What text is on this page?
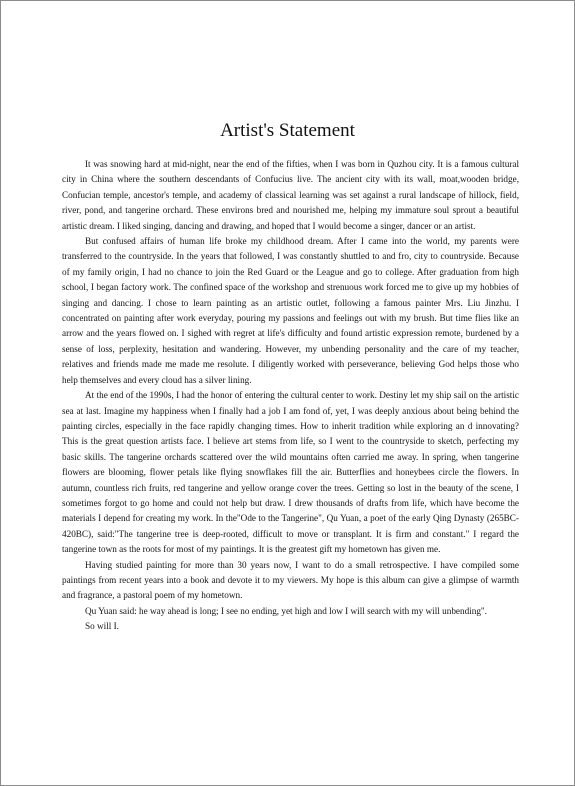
Artist's Statement

It was snowing hard at mid-night, near the end of the fifties, when I was born in Quzhou city. It is a famous cultural city in China where the southern descendants of Confucius live. The ancient city with its wall, moat,wooden bridge, Confucian temple, ancestor's temple, and academy of classical learning was set against a rural landscape of hillock, field, river, pond, and tangerine orchard. These environs bred and nourished me, helping my immature soul sprout a beautiful artistic dream. I liked singing, dancing and drawing, and hoped that I would become a singer, dancer or an artist.

But confused affairs of human life broke my childhood dream. After I came into the world, my parents were transferred to the countryside. In the years that followed, I was constantly shuttled to and fro, city to countryside. Because of my family origin, I had no chance to join the Red Guard or the League and go to college. After graduation from high school, I began factory work. The confined space of the workshop and strenuous work forced me to give up my hobbies of singing and dancing. I chose to learn painting as an artistic outlet, following a famous painter Mrs. Liu Jinzhu. I concentrated on painting after work everyday, pouring my passions and feelings out with my brush. But time flies like an arrow and the years flowed on. I sighed with regret at life's difficulty and found artistic expression remote, burdened by a sense of loss, perplexity, hesitation and wandering. However, my unbending personality and the care of my teacher, relatives and friends made me made me resolute. I diligently worked with perseverance, believing God helps those who help themselves and every cloud has a silver lining.

At the end of the 1990s, I had the honor of entering the cultural center to work. Destiny let my ship sail on the artistic sea at last. Imagine my happiness when I finally had a job I am fond of, yet, I was deeply anxious about being behind the painting circles, especially in the face rapidly changing times. How to inherit tradition while exploring an d innovating? This is the great question artists face. I believe art stems from life, so I went to the countryside to sketch, perfecting my basic skills. The tangerine orchards scattered over the wild mountains often carried me away. In spring, when tangerine flowers are blooming, flower petals like flying snowflakes fill the air. Butterflies and honeybees circle the flowers. In autumn, countless rich fruits, red tangerine and yellow orange cover the trees. Getting so lost in the beauty of the scene, I sometimes forgot to go home and could not help but draw. I drew thousands of drafts from life, which have become the materials I depend for creating my work. In the"Ode to the Tangerine", Qu Yuan, a poet of the early Qing Dynasty (265BC-420BC), said:"The tangerine tree is deep-rooted, difficult to move or transplant. It is firm and constant." I regard the tangerine town as the roots for most of my paintings. It is the greatest gift my hometown has given me.

Having studied painting for more than 30 years now, I want to do a small retrospective. I have compiled some paintings from recent years into a book and devote it to my viewers. My hope is this album can give a glimpse of warmth and fragrance, a pastoral poem of my hometown.

Qu Yuan said: he way ahead is long; I see no ending, yet high and low I will search with my will unbending".

So will I.
